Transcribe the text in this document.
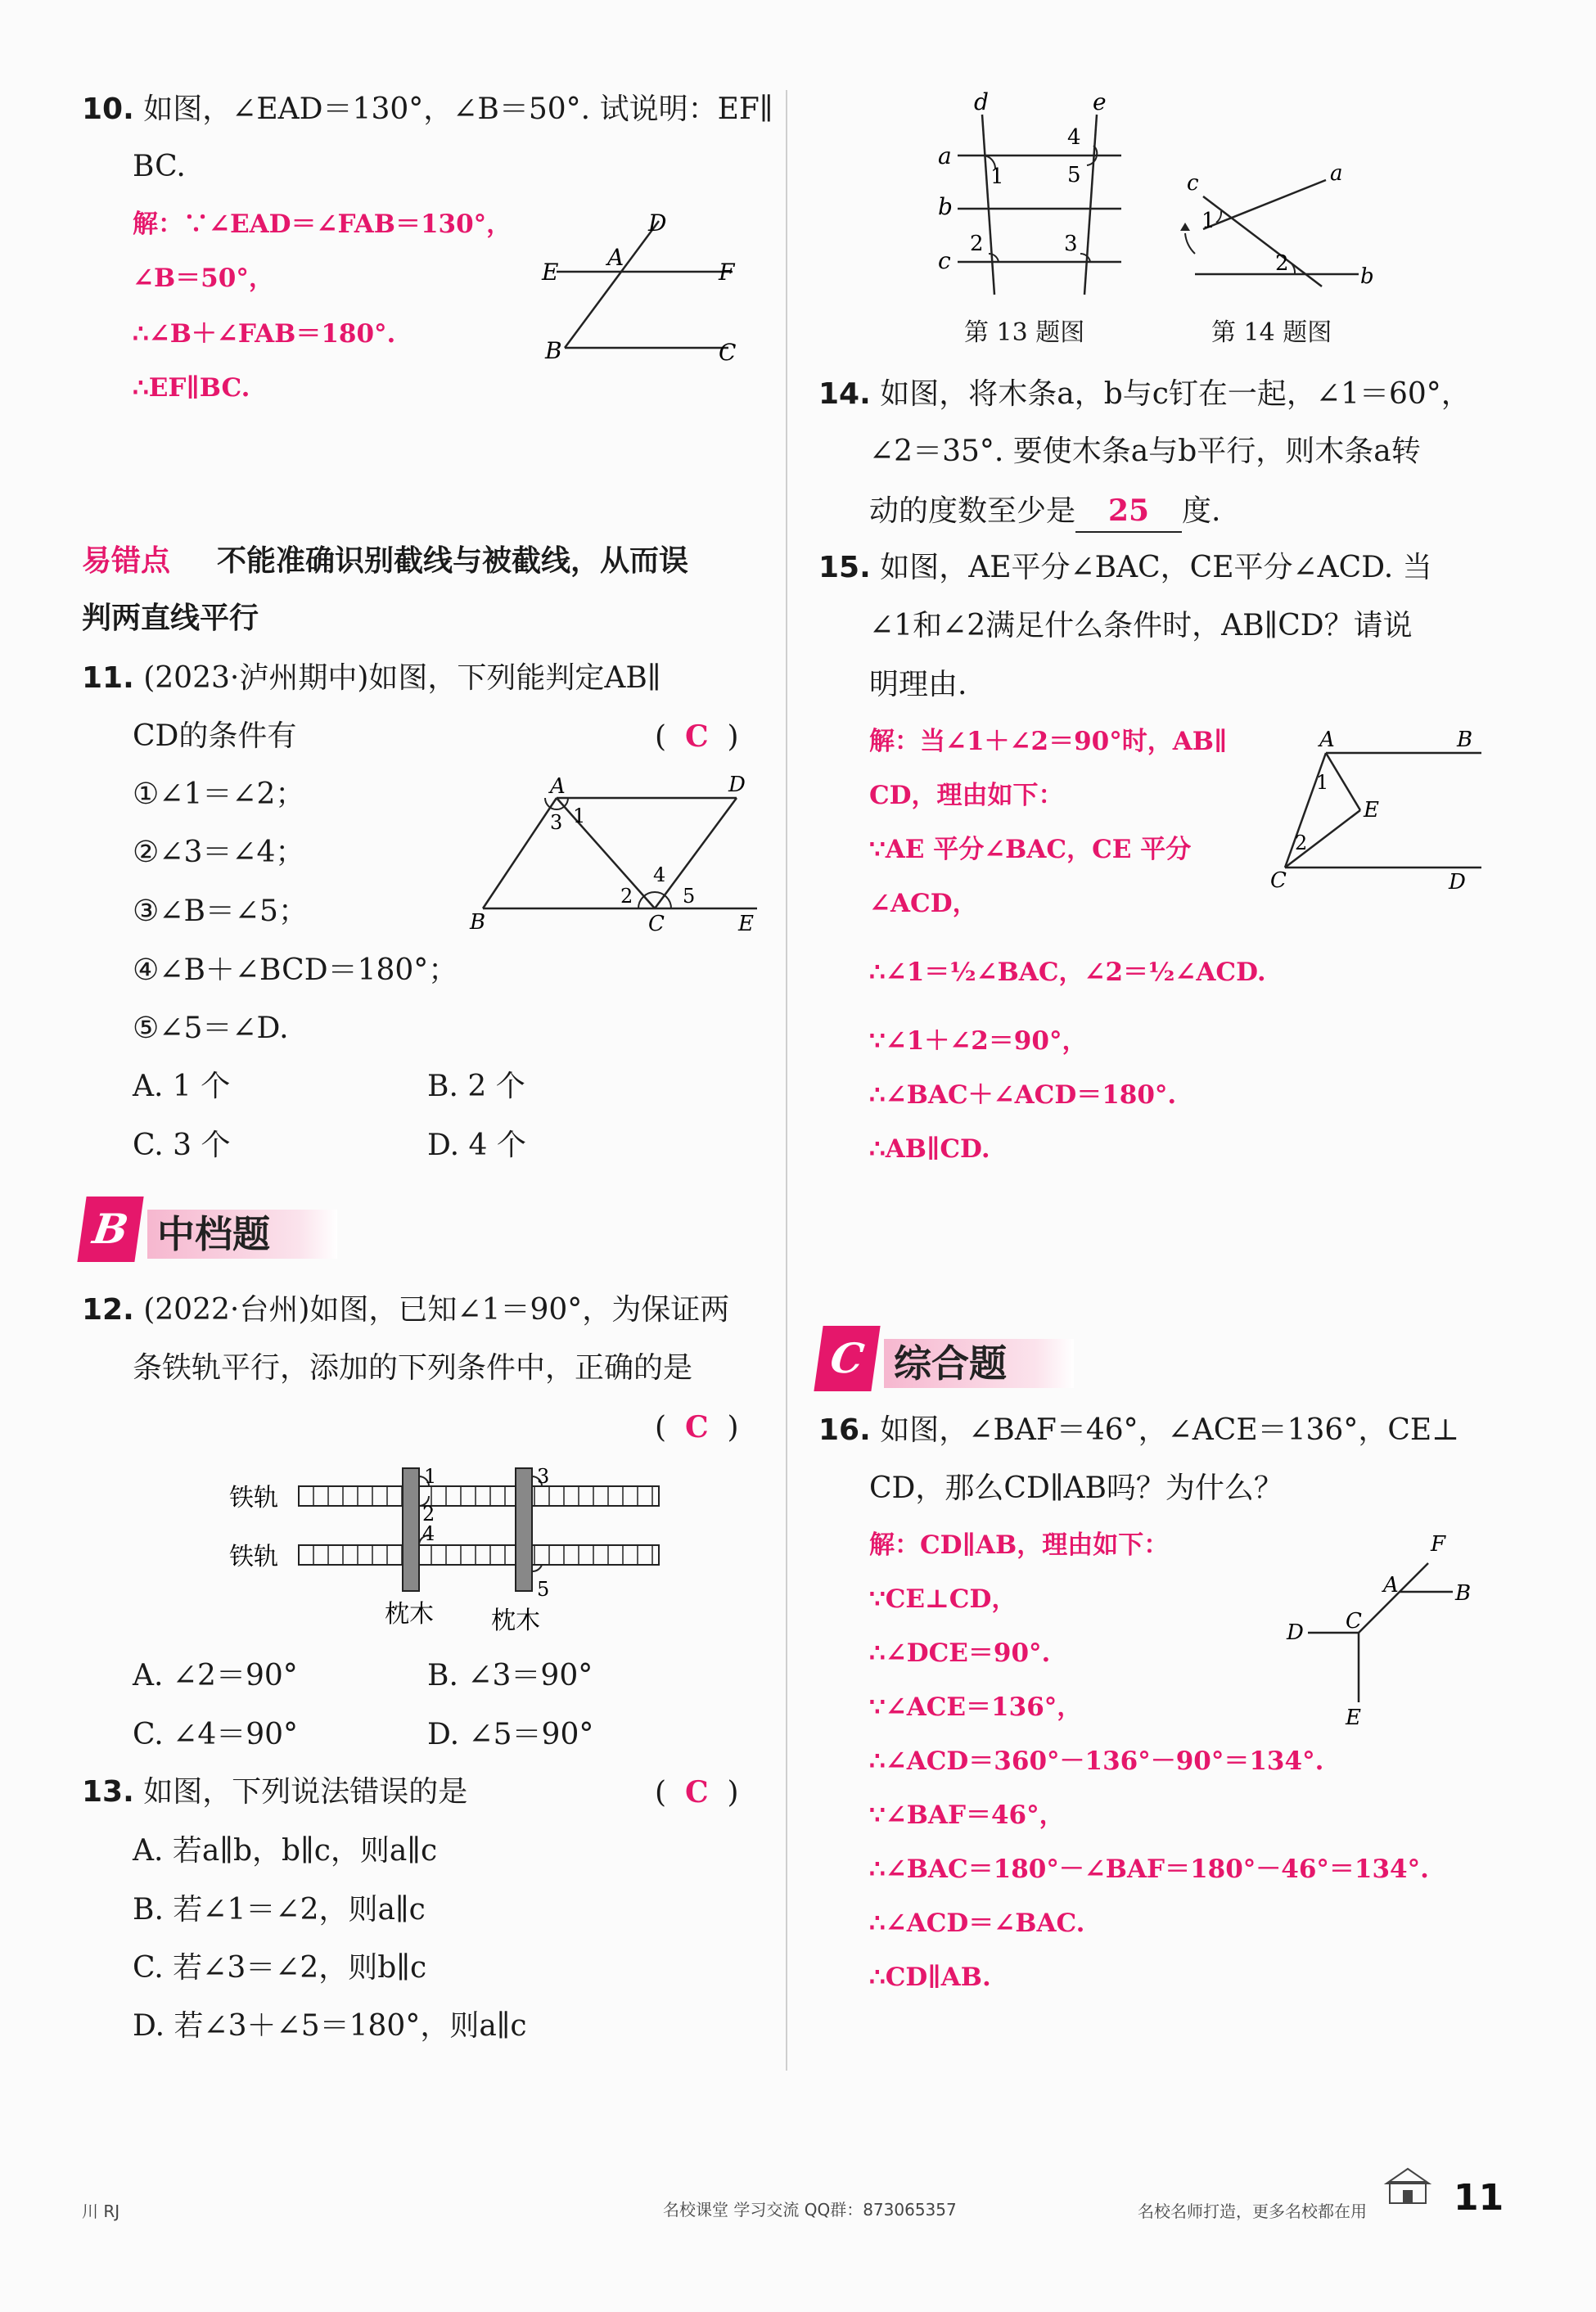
10. 如图，∠EAD＝130°，∠B＝50°. 试说明：EF∥
BC.
解：∵∠EAD＝∠FAB＝130°，
∠B＝50°，
∴∠B＋∠FAB＝180°.
∴EF∥BC.
D
E
A
F
B	C
易错点 不能准确识别截线与被截线，从而误
判两直线平行
11. (2023·泸州期中)如图，下列能判定AB∥
CD的条件有	( C )
①∠1＝∠2；
②∠3＝∠4；
③∠B＝∠5；
④∠B＋∠BCD＝180°；
⑤∠5＝∠D.
A. 1 个	B. 2 个
C. 3 个	D. 4 个
A	D
B	C	E
1
3
2
4
5
中档题
B
12. (2022·台州)如图，已知∠1＝90°，为保证两
条铁轨平行，添加的下列条件中，正确的是
( C )
铁轨
铁轨
1
2
4
3
5
枕木 枕木
A. ∠2＝90°	B. ∠3＝90°
C. ∠4＝90°	D. ∠5＝90°
13. 如图，下列说法错误的是	( C )
A. 若a∥b，b∥c，则a∥c
B. 若∠1＝∠2，则a∥c
C. 若∠3＝∠2，则b∥c
D. 若∠3＋∠5＝180°，则a∥c
d	e
a
b
c
1
2	3
4
5
第 13 题图
c	a
b
1
2
第 14 题图
14. 如图，将木条a，b与c钉在一起，∠1＝60°，
∠2＝35°. 要使木条a与b平行，则木条a转
动的度数至少是 25 度.
15. 如图，AE平分∠BAC，CE平分∠ACD. 当
∠1和∠2满足什么条件时，AB∥CD？请说
明理由.
解：当∠1＋∠2＝90°时，AB∥
CD，理由如下：
∵AE 平分∠BAC，CE 平分
∠ACD，
∴∠1＝½∠BAC，∠2＝½∠ACD.
∵∠1＋∠2＝90°，
∴∠BAC＋∠ACD＝180°.
∴AB∥CD.
A	B
E
C	D
1
2
综合题
C
16. 如图，∠BAF＝46°，∠ACE＝136°，CE⊥
CD，那么CD∥AB吗？为什么？
解：CD∥AB，理由如下：
∵CE⊥CD，
∴∠DCE＝90°.
∵∠ACE＝136°，
∴∠ACD＝360°－136°－90°＝134°.
∵∠BAF＝46°，
∴∠BAC＝180°－∠BAF＝180°－46°＝134°.
∴∠ACD＝∠BAC.
∴CD∥AB.
F
A	B
D C
E
川 RJ	名校课堂 学习交流 QQ群：873065357	名校名师打造，更多名校都在用 11
